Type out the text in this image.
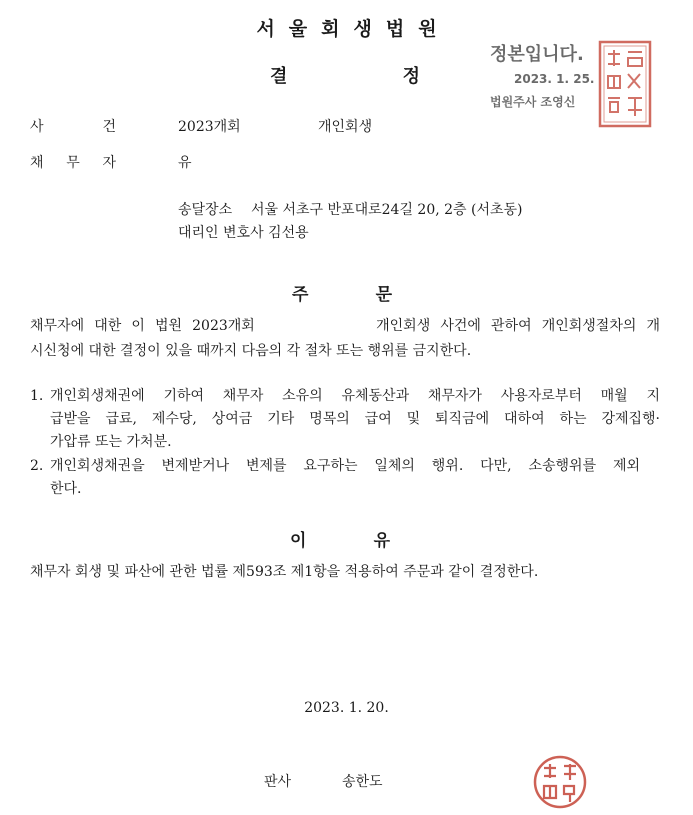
서울회생법원
결	정
정본입니다.
2023. 1. 25.
법원주사 조영신
사	건	2023개회	개인회생
채 무 자	유
송달장소 서울 서초구 반포대로24길 20, 2층 (서초동)
대리인 변호사 김선용
주	문
채무자에 대한 이 법원 2023개회            개인회생 사건에 관하여 개인회생절차의 개
시신청에 대한 결정이 있을 때까지 다음의 각 절차 또는 행위를 금지한다.
1. 개인회생채권에 기하여 채무자 소유의 유체동산과 채무자가 사용자로부터 매월 지
급받을 급료, 제수당, 상여금 기타 명목의 급여 및 퇴직금에 대하여 하는 강제집행·
가압류 또는 가처분.
2. 개인회생채권을 변제받거나 변제를 요구하는 일체의 행위. 다만, 소송행위를 제외
한다.
이	유
채무자 회생 및 파산에 관한 법률 제593조 제1항을 적용하여 주문과 같이 결정한다.
2023. 1. 20.
판사	송한도
